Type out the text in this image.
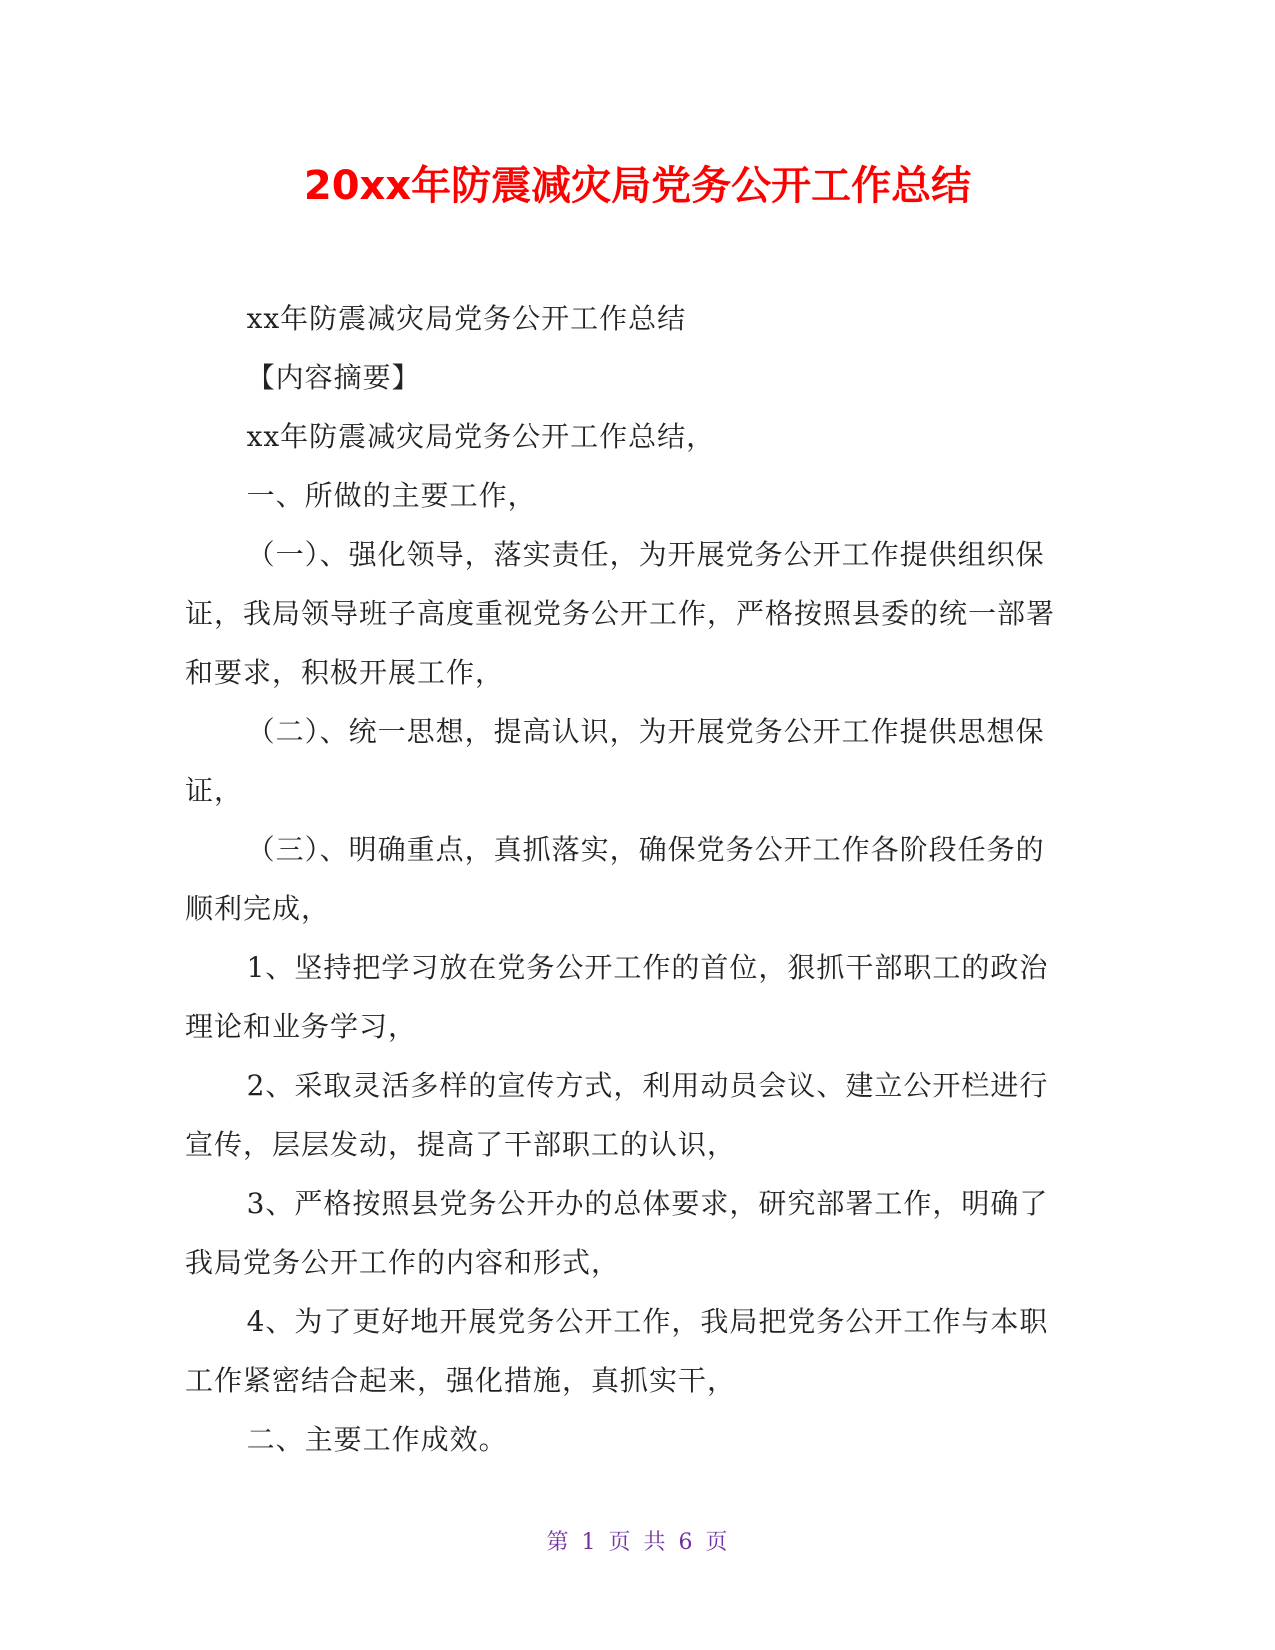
20xx年防震减灾局党务公开工作总结

xx年防震减灾局党务公开工作总结

【内容摘要】

xx年防震减灾局党务公开工作总结，

一、所做的主要工作，

（一）、强化领导，落实责任，为开展党务公开工作提供组织保证，我局领导班子高度重视党务公开工作，严格按照县委的统一部署和要求，积极开展工作，

（二）、统一思想，提高认识，为开展党务公开工作提供思想保证，

（三）、明确重点，真抓落实，确保党务公开工作各阶段任务的顺利完成，

1、坚持把学习放在党务公开工作的首位，狠抓干部职工的政治理论和业务学习，

2、采取灵活多样的宣传方式，利用动员会议、建立公开栏进行宣传，层层发动，提高了干部职工的认识，

3、严格按照县党务公开办的总体要求，研究部署工作，明确了我局党务公开工作的内容和形式，

4、为了更好地开展党务公开工作，我局把党务公开工作与本职工作紧密结合起来，强化措施，真抓实干，

二、主要工作成效。

第 1 页 共 6 页
